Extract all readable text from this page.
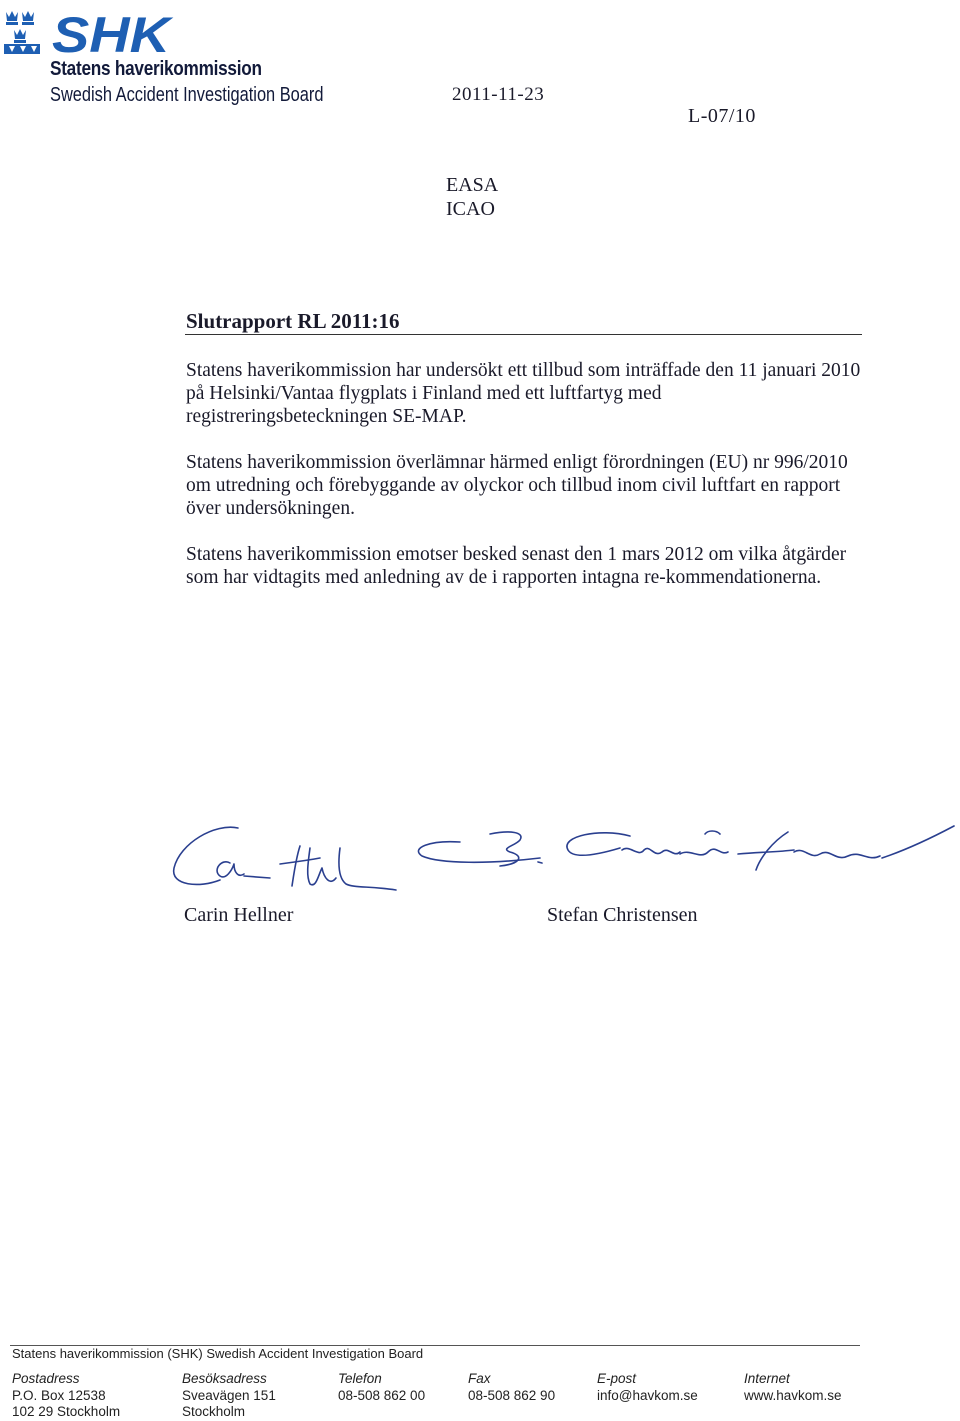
SHK
Statens haverikommission
Swedish Accident Investigation Board	2011-11-23
L-07/10
EASA
ICAO
Slutrapport RL 2011:16
Statens haverikommission har undersökt ett tillbud som inträffade den 11 januari 2010 på Helsinki/Vantaa flygplats i Finland med ett luftfartyg med registreringsbeteckningen SE-MAP.
Statens haverikommission överlämnar härmed enligt förordningen (EU) nr 996/2010 om utredning och förebyggande av olyckor och tillbud inom civil luftfart en rapport över undersökningen.
Statens haverikommission emotser besked senast den 1 mars 2012 om vilka åtgärder som har vidtagits med anledning av de i rapporten intagna re-kommendationerna.
Carin Hellner	Stefan Christensen
Statens haverikommission (SHK) Swedish Accident Investigation Board
Postadress
P.O. Box 12538
102 29 Stockholm
Besöksadress
Sveavägen 151
Stockholm
Telefon
08-508 862 00
Fax
08-508 862 90
E-post
info@havkom.se
Internet
www.havkom.se
